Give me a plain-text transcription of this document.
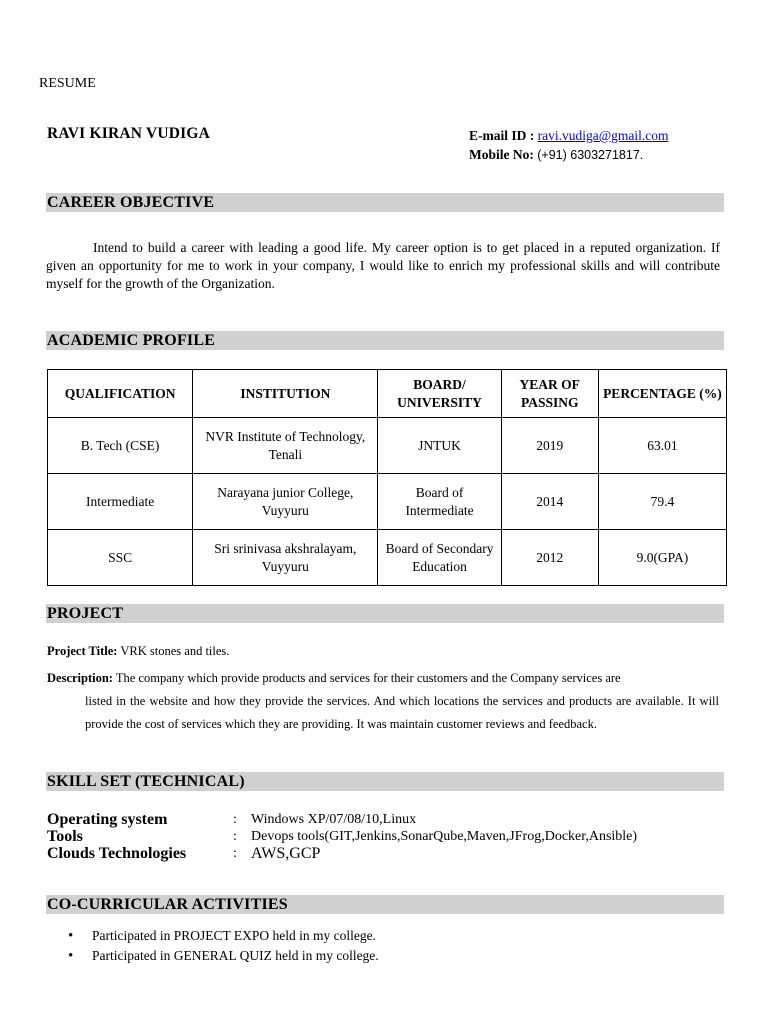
RESUME
RAVI KIRAN VUDIGA	E-mail ID : ravi.vudiga@gmail.com
Mobile No: (+91) 6303271817.
CAREER OBJECTIVE
Intend to build a career with leading a good life. My career option is to get placed in a reputed organization. If given an opportunity for me to work in your company, I would like to enrich my professional skills and will contribute myself for the growth of the Organization.
ACADEMIC PROFILE
QUALIFICATION	INSTITUTION	BOARD/ UNIVERSITY	YEAR OF PASSING	PERCENTAGE (%)
B. Tech (CSE)	NVR Institute of Technology, Tenali	JNTUK	2019	63.01
Intermediate	Narayana junior College, Vuyyuru	Board of Intermediate	2014	79.4
SSC	Sri srinivasa akshralayam, Vuyyuru	Board of Secondary Education	2012	9.0(GPA)
PROJECT
Project Title: VRK stones and tiles.
Description: The company which provide products and services for their customers and the Company services are
listed in the website and how they provide the services. And which locations the services and products are available. It will provide the cost of services which they are providing. It was maintain customer reviews and feedback.
SKILL SET (TECHNICAL)
Operating system	: Windows XP/07/08/10,Linux
Tools	: Devops tools(GIT,Jenkins,SonarQube,Maven,JFrog,Docker,Ansible)
Clouds Technologies	: AWS,GCP
CO-CURRICULAR ACTIVITIES
• Participated in PROJECT EXPO held in my college.
• Participated in GENERAL QUIZ held in my college.
